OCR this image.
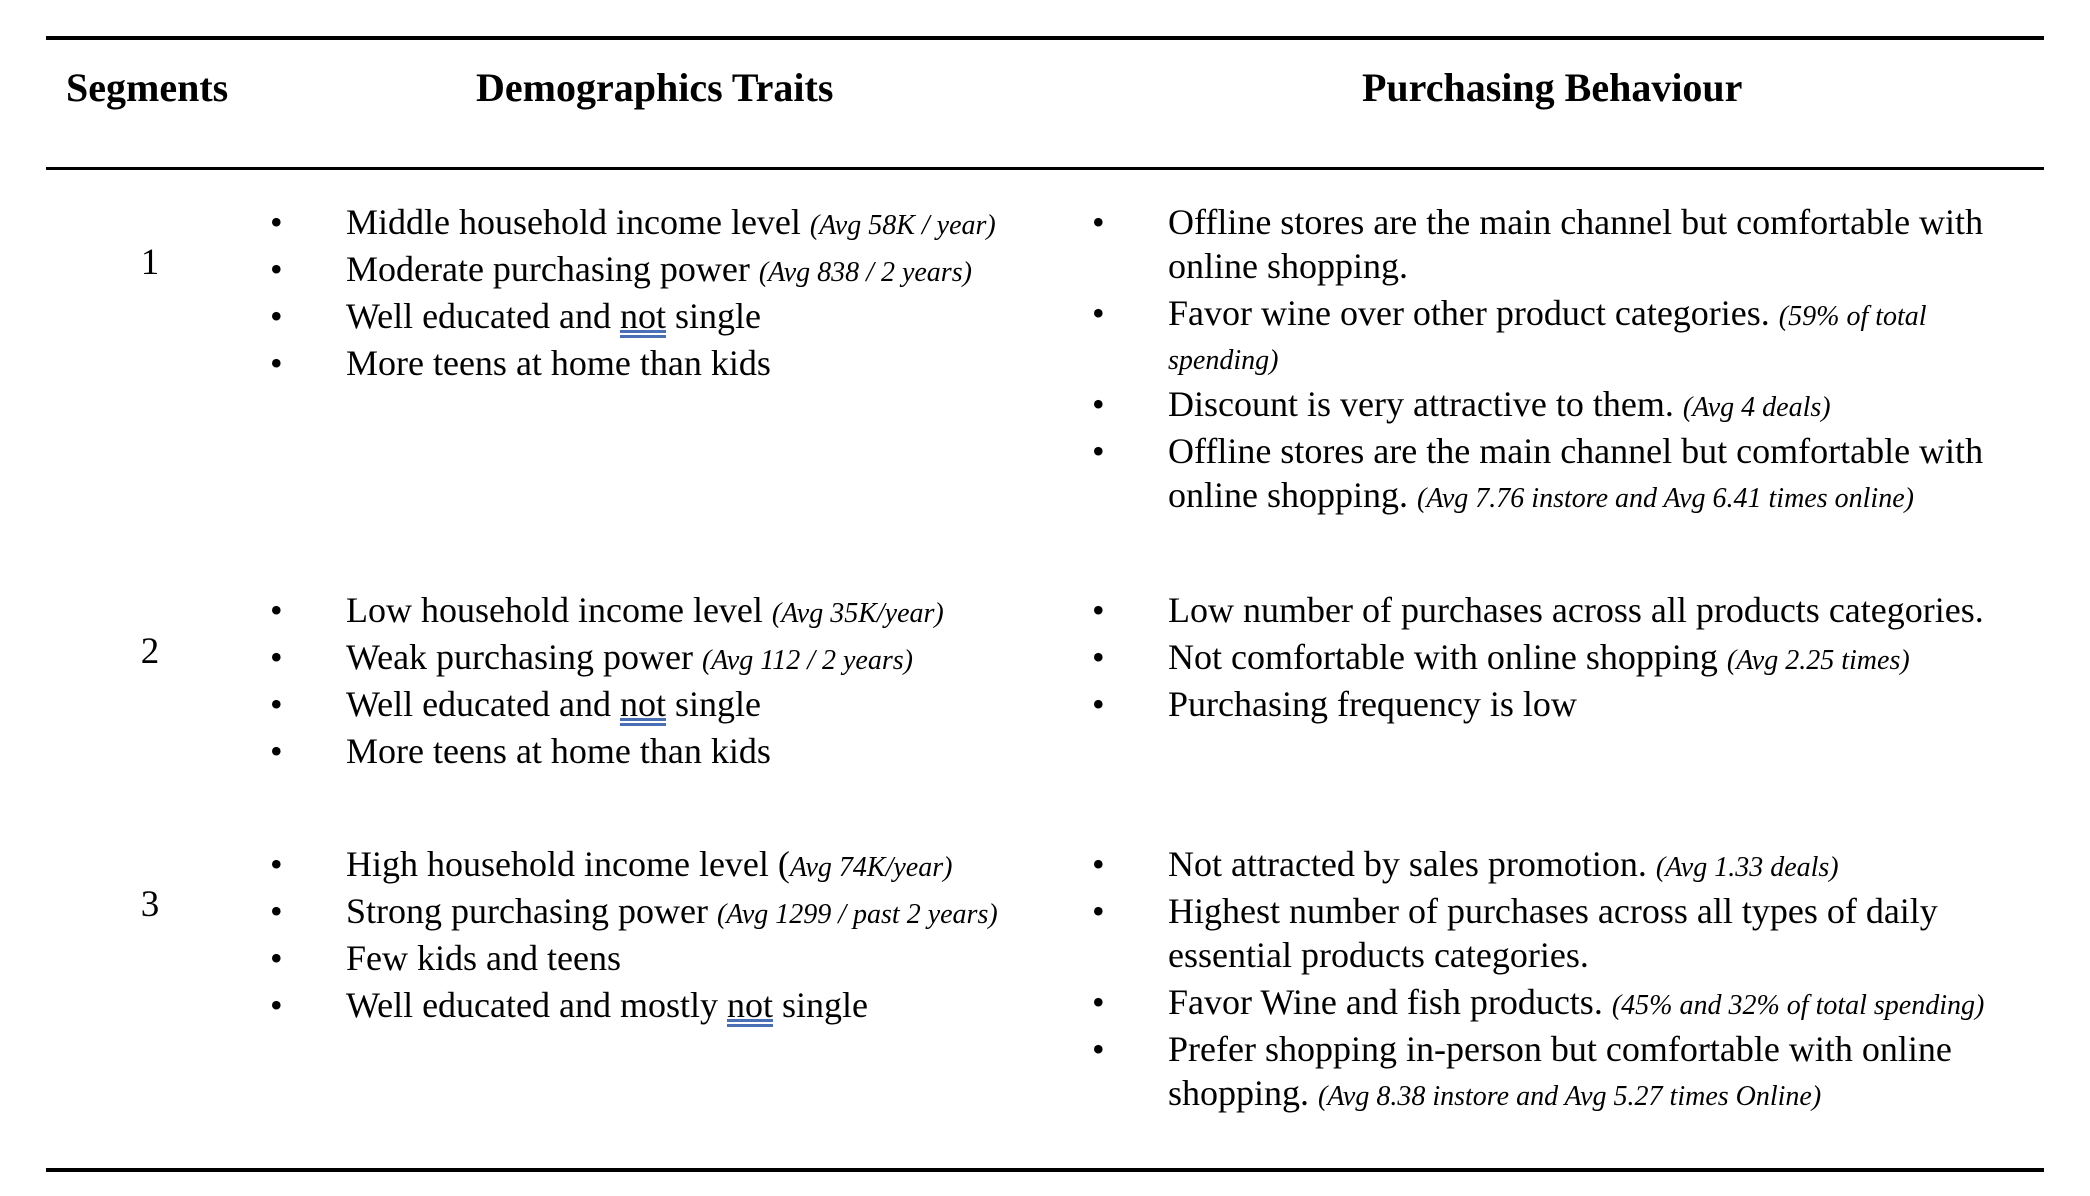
Segments	Demographics Traits	Purchasing Behaviour
1
• Middle household income level (Avg 58K / year)
• Moderate purchasing power (Avg 838 / 2 years)
• Well educated and not single
• More teens at home than kids
• Offline stores are the main channel but comfortable with online shopping.
• Favor wine over other product categories. (59% of total spending)
• Discount is very attractive to them. (Avg 4 deals)
• Offline stores are the main channel but comfortable with online shopping. (Avg 7.76 instore and Avg 6.41 times online)
2
• Low household income level (Avg 35K/year)
• Weak purchasing power (Avg 112 / 2 years)
• Well educated and not single
• More teens at home than kids
• Low number of purchases across all products categories.
• Not comfortable with online shopping (Avg 2.25 times)
• Purchasing frequency is low
3
• High household income level (Avg 74K/year)
• Strong purchasing power (Avg 1299 / past 2 years)
• Few kids and teens
• Well educated and mostly not single
• Not attracted by sales promotion. (Avg 1.33 deals)
• Highest number of purchases across all types of daily essential products categories.
• Favor Wine and fish products. (45% and 32% of total spending)
• Prefer shopping in-person but comfortable with online shopping. (Avg 8.38 instore and Avg 5.27 times Online)
